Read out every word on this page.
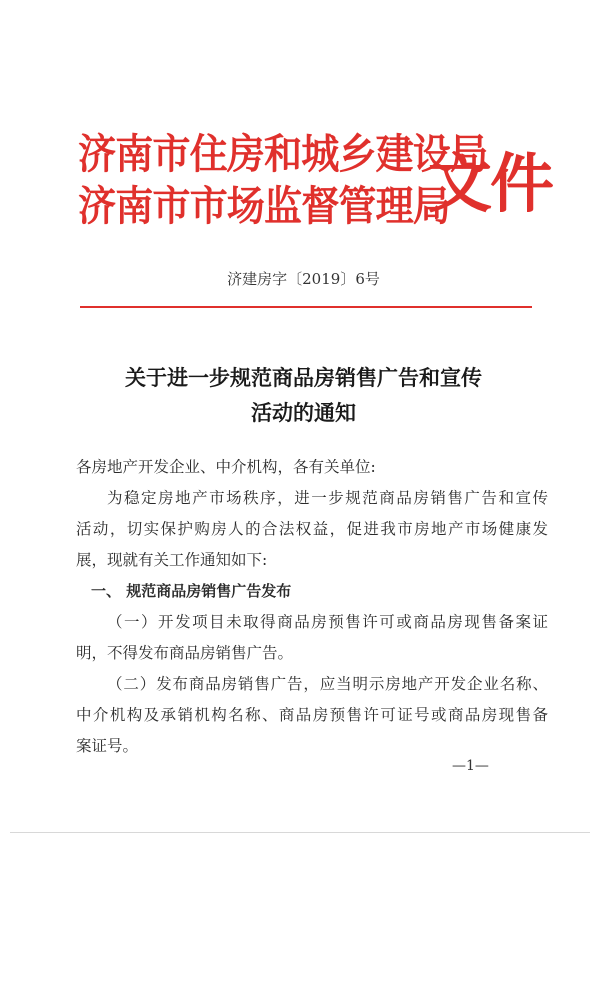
济南市住房和城乡建设局
济南市市场监督管理局
文件
济建房字〔2019〕6号
关于进一步规范商品房销售广告和宣传
活动的通知

各房地产开发企业、中介机构，各有关单位:

为稳定房地产市场秩序，进一步规范商品房销售广告和宣传

活动，切实保护购房人的合法权益，促进我市房地产市场健康发

展，现就有关工作通知如下:

一、 规范商品房销售广告发布

（一）开发项目未取得商品房预售许可或商品房现售备案证

明，不得发布商品房销售广告。

（二）发布商品房销售广告，应当明示房地产开发企业名称、

中介机构及承销机构名称、商品房预售许可证号或商品房现售备

案证号。

—1—
